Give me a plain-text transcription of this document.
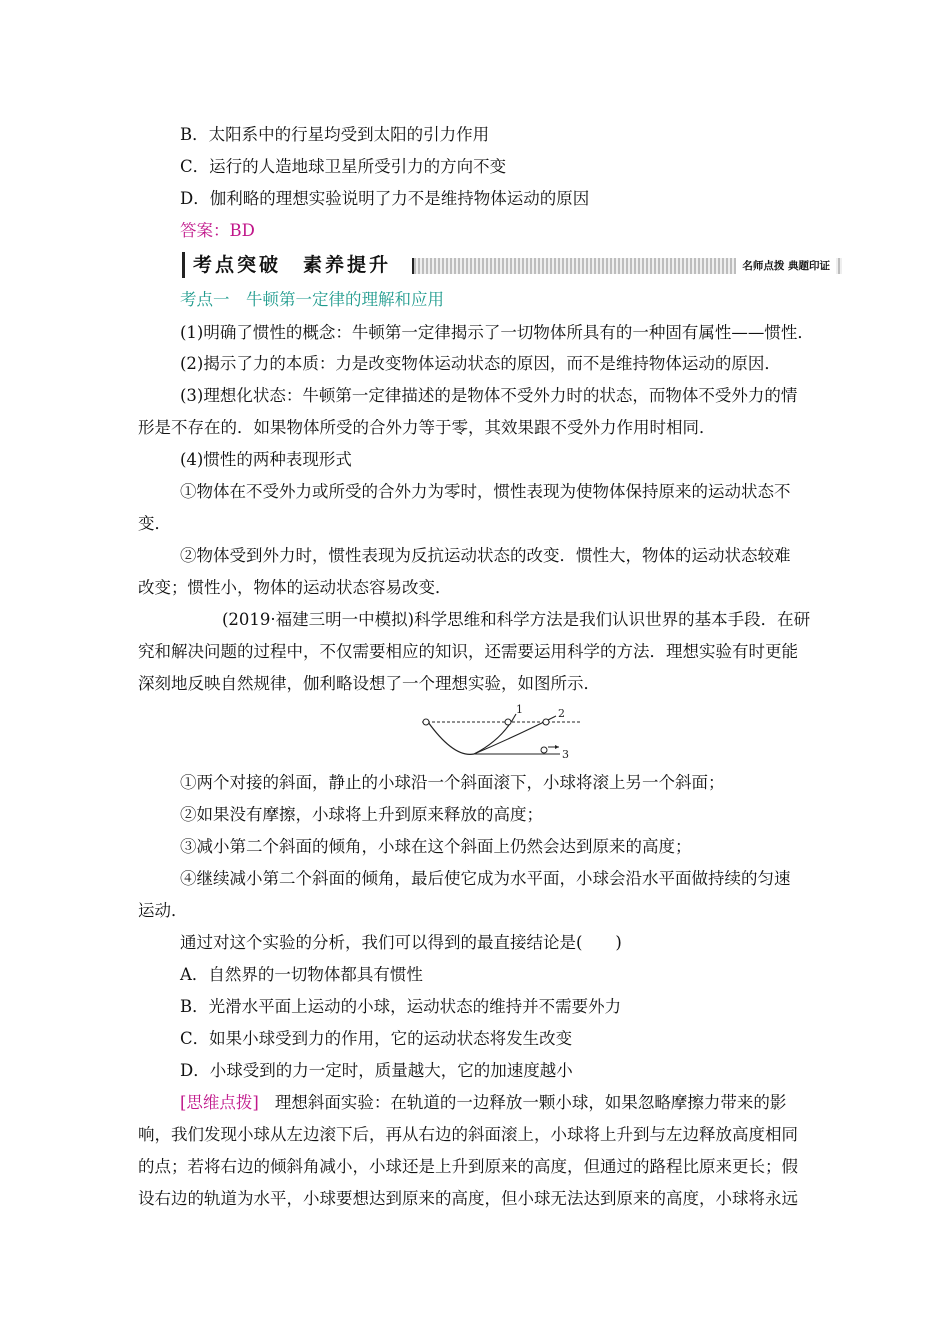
B．太阳系中的行星均受到太阳的引力作用
C．运行的人造地球卫星所受引力的方向不变
D．伽利略的理想实验说明了力不是维持物体运动的原因
答案：BD
考点突破　素养提升	名师点拨 典题印证
考点一　牛顿第一定律的理解和应用
(1)明确了惯性的概念：牛顿第一定律揭示了一切物体所具有的一种固有属性——惯性．
(2)揭示了力的本质：力是改变物体运动状态的原因，而不是维持物体运动的原因．
(3)理想化状态：牛顿第一定律描述的是物体不受外力时的状态，而物体不受外力的情
形是不存在的．如果物体所受的合外力等于零，其效果跟不受外力作用时相同．
(4)惯性的两种表现形式
①物体在不受外力或所受的合外力为零时，惯性表现为使物体保持原来的运动状态不
变．
②物体受到外力时，惯性表现为反抗运动状态的改变．惯性大，物体的运动状态较难
改变；惯性小，物体的运动状态容易改变．
(2019·福建三明一中模拟)科学思维和科学方法是我们认识世界的基本手段．在研
究和解决问题的过程中，不仅需要相应的知识，还需要运用科学的方法．理想实验有时更能
深刻地反映自然规律，伽利略设想了一个理想实验，如图所示．
1	2
3
①两个对接的斜面，静止的小球沿一个斜面滚下，小球将滚上另一个斜面；
②如果没有摩擦，小球将上升到原来释放的高度；
③减小第二个斜面的倾角，小球在这个斜面上仍然会达到原来的高度；
④继续减小第二个斜面的倾角，最后使它成为水平面，小球会沿水平面做持续的匀速
运动．
通过对这个实验的分析，我们可以得到的最直接结论是(　　)
A．自然界的一切物体都具有惯性
B．光滑水平面上运动的小球，运动状态的维持并不需要外力
C．如果小球受到力的作用，它的运动状态将发生改变
D．小球受到的力一定时，质量越大，它的加速度越小
[思维点拨] 理想斜面实验：在轨道的一边释放一颗小球，如果忽略摩擦力带来的影
响，我们发现小球从左边滚下后，再从右边的斜面滚上，小球将上升到与左边释放高度相同
的点；若将右边的倾斜角减小，小球还是上升到原来的高度，但通过的路程比原来更长；假
设右边的轨道为水平，小球要想达到原来的高度，但小球无法达到原来的高度，小球将永远
